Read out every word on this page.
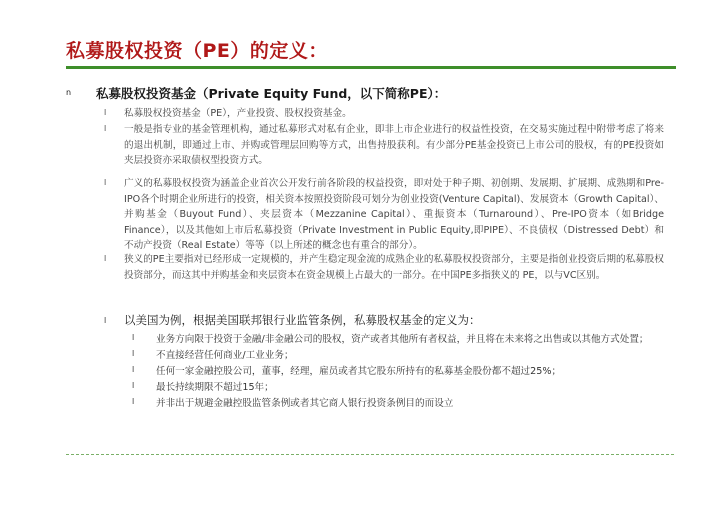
私募股权投资（PE）的定义：
n 私募股权投资基金（Private Equity Fund，以下简称PE）：
l 私募股权投资基金（PE），产业投资、股权投资基金。
l 一般是指专业的基金管理机构，通过私募形式对私有企业，即非上市企业进行的权益性投资，在交易实施过程中附带考虑了将来的退出机制，即通过上市、并购或管理层回购等方式，出售持股获利。有少部分PE基金投资已上市公司的股权，有的PE投资如夹层投资亦采取债权型投资方式。
l 广义的私募股权投资为涵盖企业首次公开发行前各阶段的权益投资，即对处于种子期、初创期、发展期、扩展期、成熟期和Pre-IPO各个时期企业所进行的投资，相关资本按照投资阶段可划分为创业投资(Venture Capital)、发展资本（Growth Capital）、并购基金（Buyout Fund）、夹层资本（Mezzanine Capital）、重振资本（Turnaround）、Pre-IPO资本（如Bridge Finance），以及其他如上市后私募投资（Private Investment in Public Equity,即PIPE）、不良债权（Distressed Debt）和不动产投资（Real Estate）等等（以上所述的概念也有重合的部分）。
l 狭义的PE主要指对已经形成一定规模的，并产生稳定现金流的成熟企业的私募股权投资部分，主要是指创业投资后期的私募股权投资部分，而这其中并购基金和夹层资本在资金规模上占最大的一部分。在中国PE多指狭义的 PE，以与VC区别。
l 以美国为例，根据美国联邦银行业监管条例，私募股权基金的定义为：
l 业务方向限于投资于金融/非金融公司的股权，资产或者其他所有者权益，并且将在未来将之出售或以其他方式处置；
l 不直接经营任何商业/工业业务；
l 任何一家金融控股公司，董事，经理，雇员或者其它股东所持有的私募基金股份都不超过25%；
l 最长持续期限不超过15年；
l 并非出于规避金融控股监管条例或者其它商人银行投资条例目的而设立
